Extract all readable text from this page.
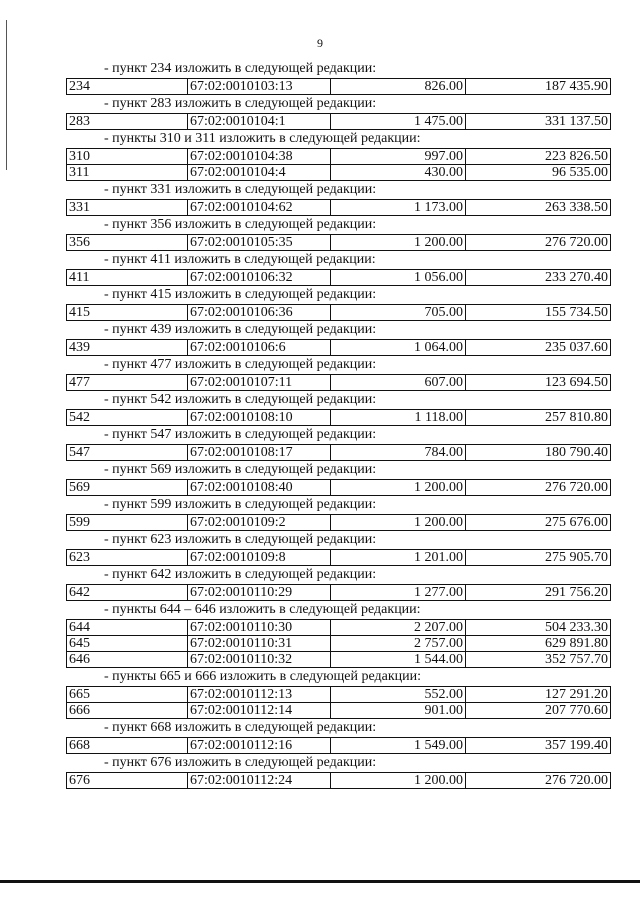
9
- пункт 234 изложить в следующей редакции:
234	67:02:0010103:13	826.00	187 435.90
- пункт 283 изложить в следующей редакции:
283	67:02:0010104:1	1 475.00	331 137.50
- пункты 310 и 311 изложить в следующей редакции:
310	67:02:0010104:38	997.00	223 826.50
311	67:02:0010104:4	430.00	96 535.00
- пункт 331 изложить в следующей редакции:
331	67:02:0010104:62	1 173.00	263 338.50
- пункт 356 изложить в следующей редакции:
356	67:02:0010105:35	1 200.00	276 720.00
- пункт 411 изложить в следующей редакции:
411	67:02:0010106:32	1 056.00	233 270.40
- пункт 415 изложить в следующей редакции:
415	67:02:0010106:36	705.00	155 734.50
- пункт 439 изложить в следующей редакции:
439	67:02:0010106:6	1 064.00	235 037.60
- пункт 477 изложить в следующей редакции:
477	67:02:0010107:11	607.00	123 694.50
- пункт 542 изложить в следующей редакции:
542	67:02:0010108:10	1 118.00	257 810.80
- пункт 547 изложить в следующей редакции:
547	67:02:0010108:17	784.00	180 790.40
- пункт 569 изложить в следующей редакции:
569	67:02:0010108:40	1 200.00	276 720.00
- пункт 599 изложить в следующей редакции:
599	67:02:0010109:2	1 200.00	275 676.00
- пункт 623 изложить в следующей редакции:
623	67:02:0010109:8	1 201.00	275 905.70
- пункт 642 изложить в следующей редакции:
642	67:02:0010110:29	1 277.00	291 756.20
- пункты 644 – 646 изложить в следующей редакции:
644	67:02:0010110:30	2 207.00	504 233.30
645	67:02:0010110:31	2 757.00	629 891.80
646	67:02:0010110:32	1 544.00	352 757.70
- пункты 665 и 666 изложить в следующей редакции:
665	67:02:0010112:13	552.00	127 291.20
666	67:02:0010112:14	901.00	207 770.60
- пункт 668 изложить в следующей редакции:
668	67:02:0010112:16	1 549.00	357 199.40
- пункт 676 изложить в следующей редакции:
676	67:02:0010112:24	1 200.00	276 720.00
